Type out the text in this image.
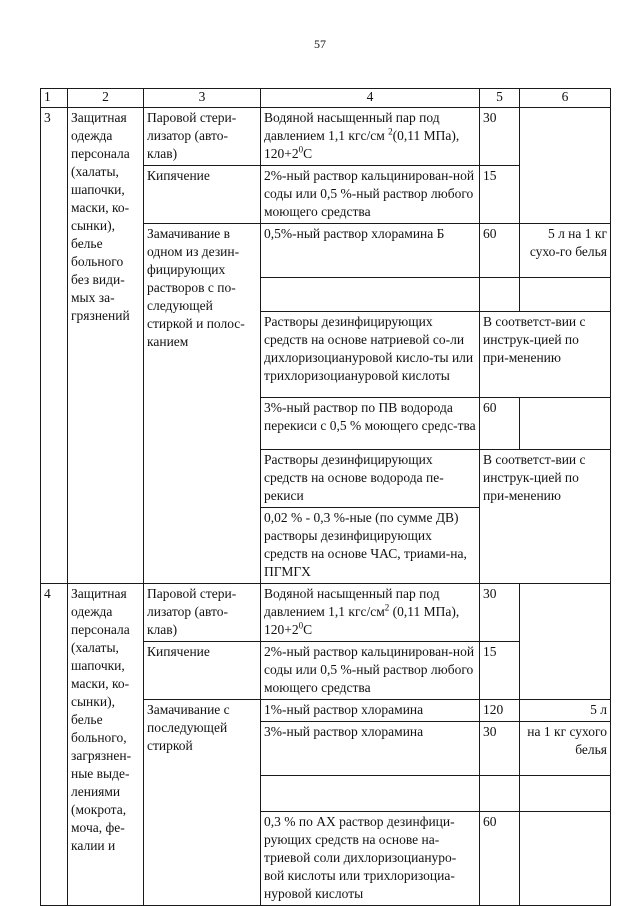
57
1	2	3	4	5	6
3	Защитная одежда персонала (халаты, шапочки, маски, ко-сынки), белье больного без види-мых за-грязнений	Паровой стери-лизатор (авто-клав)	Водяной насыщенный пар под давлением 1,1 кгс/см $^2$(0,11 МПа), $120+2^0С$	30	
		Кипячение	2%-ный раствор кальцинирован-ной соды или 0,5 %-ный раствор любого моющего средства	15	
		Замачивание в одном из дезин-фицирующих растворов с по-следующей стиркой и полос-канием	0,5%-ный раствор хлорамина Б	60	5 л на 1 кг сухо-го белья

			Растворы дезинфицирующих средств на основе натриевой со-ли дихлоризоциануровой кисло-ты или трихлоризоциануровой кислоты	В соответст-вии с инструк-цией по при-менению	
			3%-ный раствор по ПВ водорода перекиси с 0,5 % моющего средс-тва	60	
			Растворы дезинфицирующих средств на основе водорода пе-рекиси	В соответст-вии с инструк-цией по при-менению	
			0,02 % - 0,3 %-ные (по сумме ДВ) растворы дезинфицирующих средств на основе ЧАС, триами-на, ПГМГХ		
4	Защитная одежда персонала (халаты, шапочки, маски, ко-сынки), белье больного, загрязнен-ные выде-лениями (мокрота, моча, фе-калии и	Паровой стери-лизатор (авто-клав)	Водяной насыщенный пар под давлением 1,1 кгс/$см^2$ (0,11 МПа), $120+2^0С$	30	
		Кипячение	2%-ный раствор кальцинирован-ной соды или 0,5 %-ный раствор любого моющего средства	15	
		Замачивание с последующей стиркой	1%-ный раствор хлорамина	120	5 л
			3%-ный раствор хлорамина	30	на 1 кг сухого белья

			0,3 % по АХ раствор дезинфици-рующих средств на основе на-триевой соли дихлоризоциануро-вой кислоты или трихлоризоциа-нуровой кислоты	60	
